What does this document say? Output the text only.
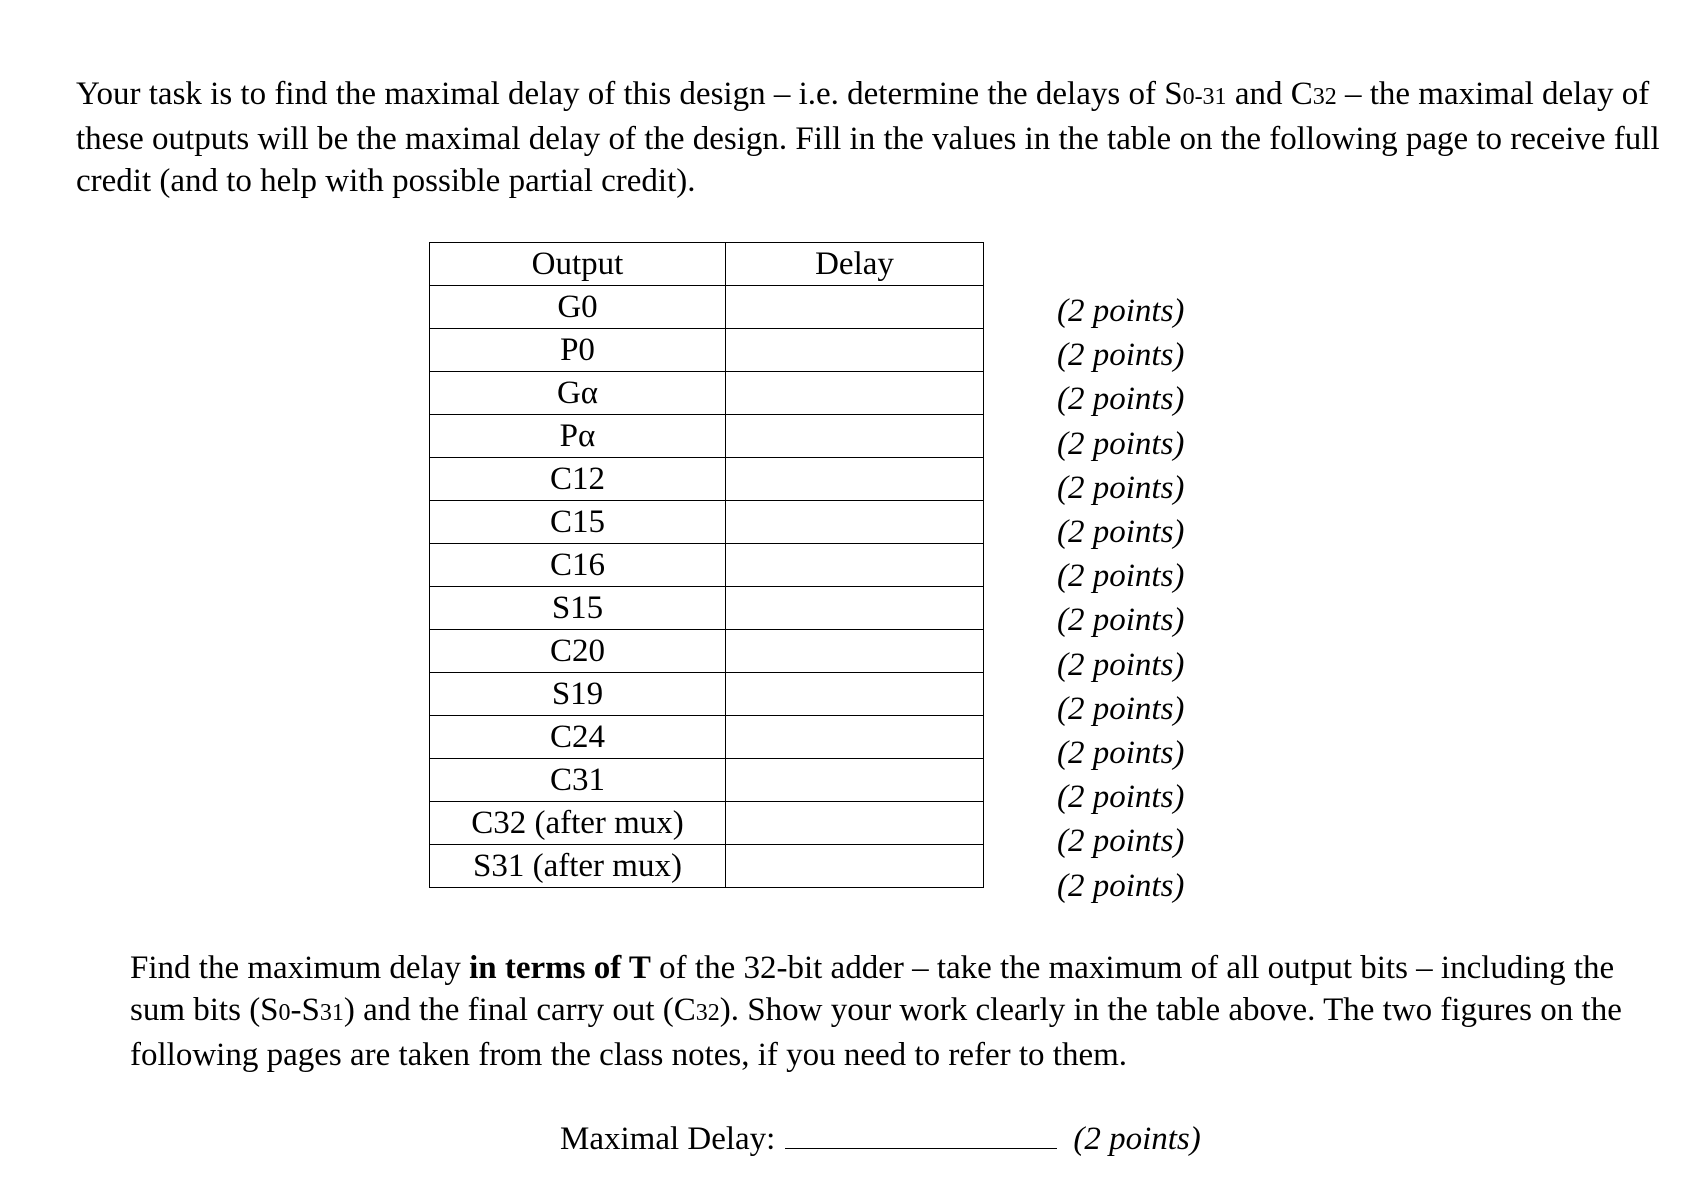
Your task is to find the maximal delay of this design – i.e. determine the delays of S0-31 and C32 – the maximal delay of these outputs will be the maximal delay of the design. Fill in the values in the table on the following page to receive full credit (and to help with possible partial credit).

Output	Delay
G0	
P0	
Gα	
Pα	
C12	
C15	
C16	
S15	
C20	
S19	
C24	
C31	
C32 (after mux)	
S31 (after mux)	
(2 points)
(2 points)
(2 points)
(2 points)
(2 points)
(2 points)
(2 points)
(2 points)
(2 points)
(2 points)
(2 points)
(2 points)
(2 points)
(2 points)

Find the maximum delay in terms of T of the 32-bit adder – take the maximum of all output bits – including the sum bits (S0-S31) and the final carry out (C32). Show your work clearly in the table above. The two figures on the following pages are taken from the class notes, if you need to refer to them.

Maximal Delay:	(2 points)
